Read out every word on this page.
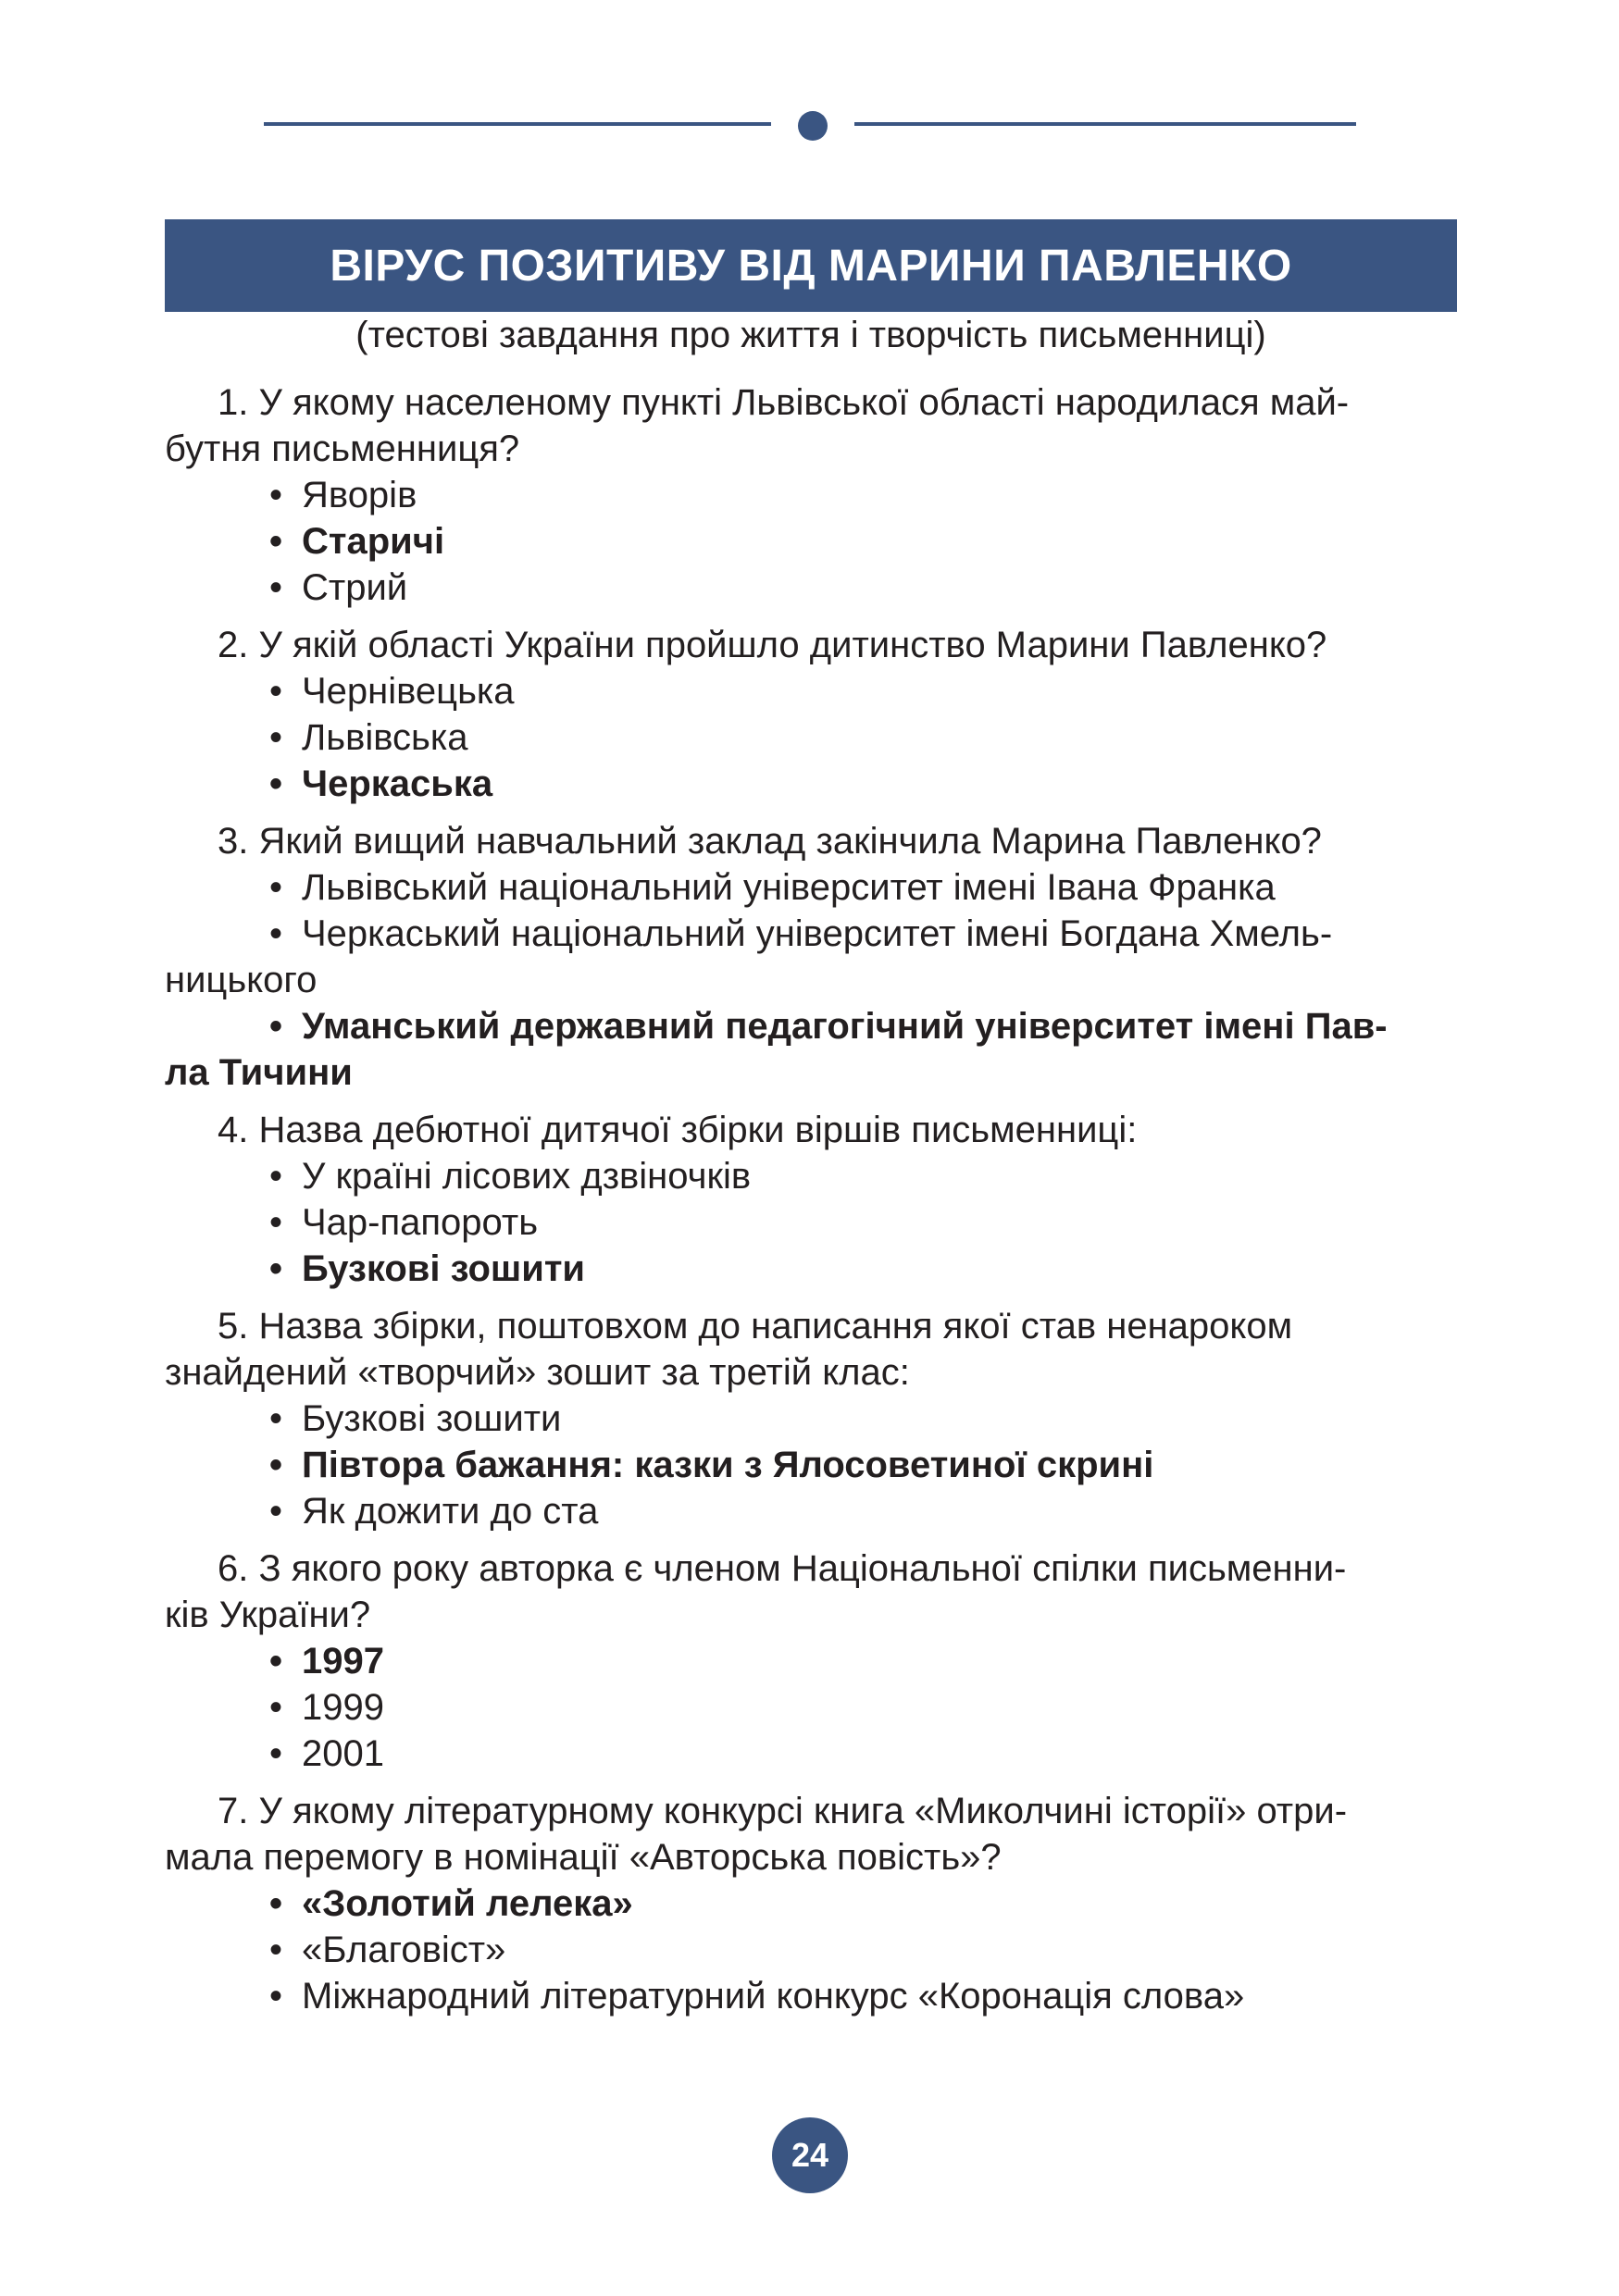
ВІРУС ПОЗИТИВУ ВІД МАРИНИ ПАВЛЕНКО
(тестові завдання про життя і творчість письменниці)

1. У якому населеному пункті Львівської області народилася май-

бутня письменниця?

• Яворів

• Старичі

• Стрий

2. У якій області України пройшло дитинство Марини Павленко?

• Чернівецька

• Львівська

• Черкаська

3. Який вищий навчальний заклад закінчила Марина Павленко?

• Львівський національний університет імені Івана Франка

• Черкаський національний університет імені Богдана Хмель-

ницького

• Уманський державний педагогічний університет імені Пав-

ла Тичини

4. Назва дебютної дитячої збірки віршів письменниці:

• У країні лісових дзвіночків

• Чар-папороть

• Бузкові зошити

5. Назва збірки, поштовхом до написання якої став ненароком

знайдений «творчий» зошит за третій клас:

• Бузкові зошити

• Півтора бажання: казки з Ялосоветиної скрині

• Як дожити до ста

6. З якого року авторка є членом Національної спілки письменни-

ків України?

• 1997

• 1999

• 2001

7. У якому літературному конкурсі книга «Миколчині історії» отри-

мала перемогу в номінації «Авторська повість»?

• «Золотий лелека»

• «Благовіст»

• Міжнародний літературний конкурс «Коронація слова»

24
